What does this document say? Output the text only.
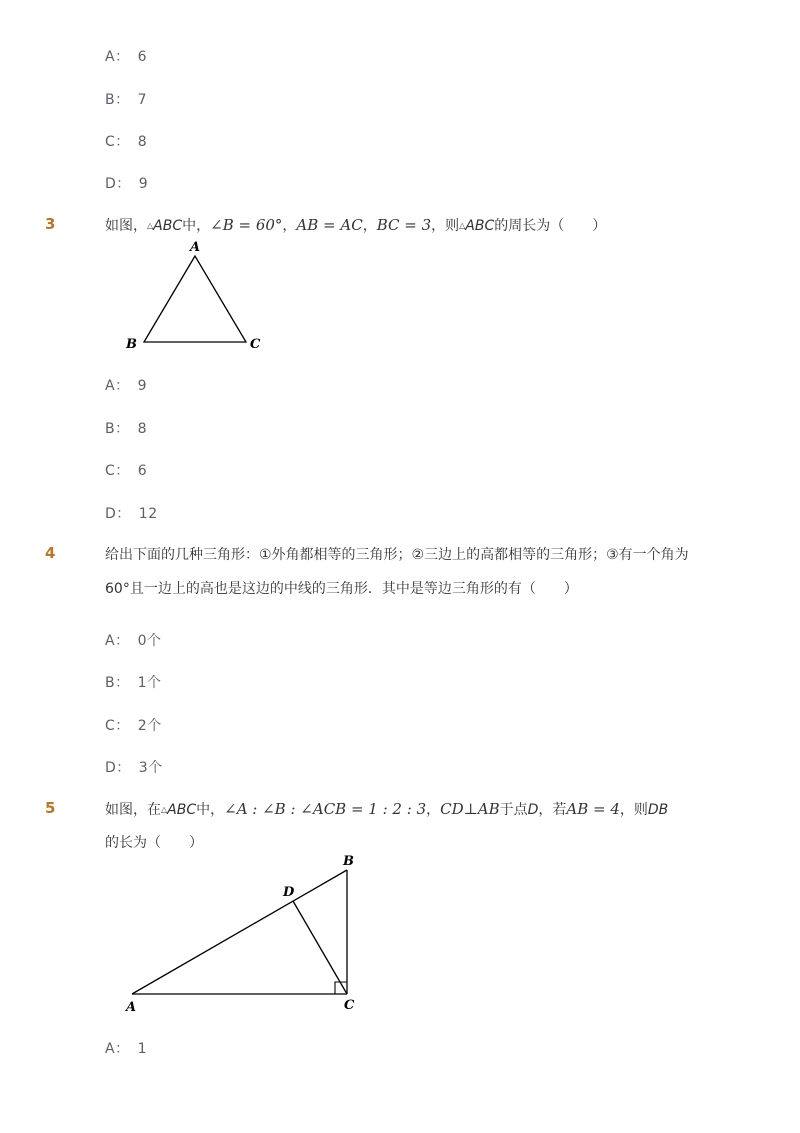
A： 6
B： 7
C： 8
D： 9
3	如图，△ABC中，∠B = 60°，AB = AC，BC = 3，则△ABC的周长为（　　）
A
B	C
A： 9
B： 8
C： 6
D： 12
4	给出下面的几种三角形：①外角都相等的三角形；②三边上的高都相等的三角形；③有一个角为
60°且一边上的高也是这边的中线的三角形．其中是等边三角形的有（　　）
A： 0个
B： 1个
C： 2个
D： 3个
5	如图，在△ABC中，∠A : ∠B : ∠ACB = 1 : 2 : 3，CD⊥AB于点D，若AB = 4，则DB
的长为（　　）
A
B
C
D
A： 1
